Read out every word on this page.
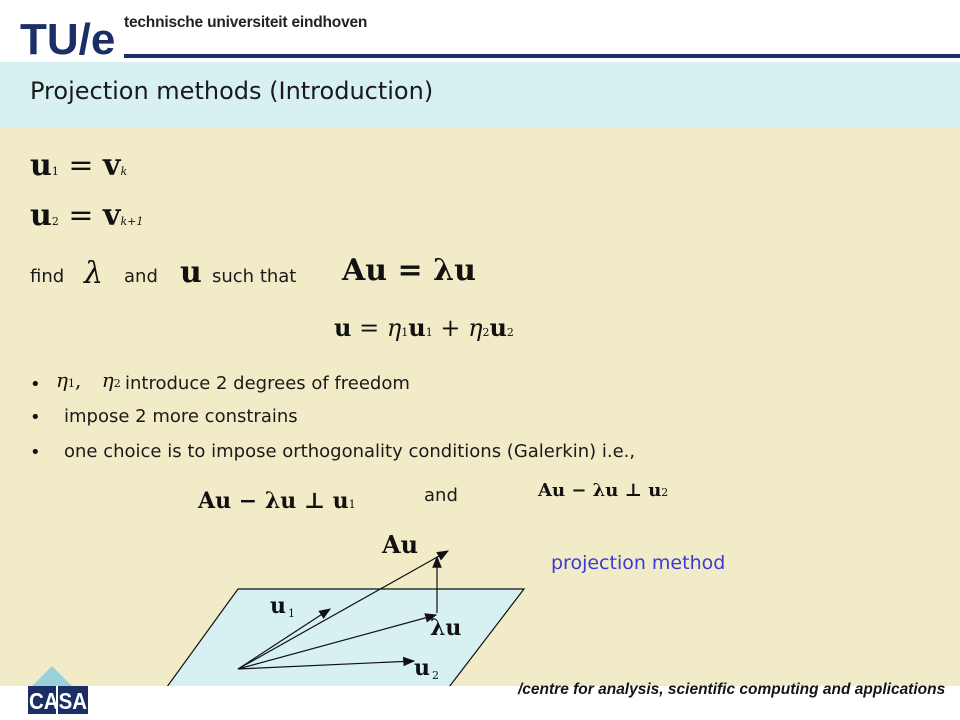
TU/e technische universiteit eindhoven
Projection methods (Introduction)
u1 = vk
u2 = vk+1
find λ and u such that Au = λu
u = η1u1 + η2u2
• η1, η2 introduce 2 degrees of freedom
• impose 2 more constrains
• one choice is to impose orthogonality conditions (Galerkin) i.e.,
Au − λu ⊥ u1	and	Au − λu ⊥ u2
Au
u 1
λu
u 2
projection method
CASA	/centre for analysis, scientific computing and applications
